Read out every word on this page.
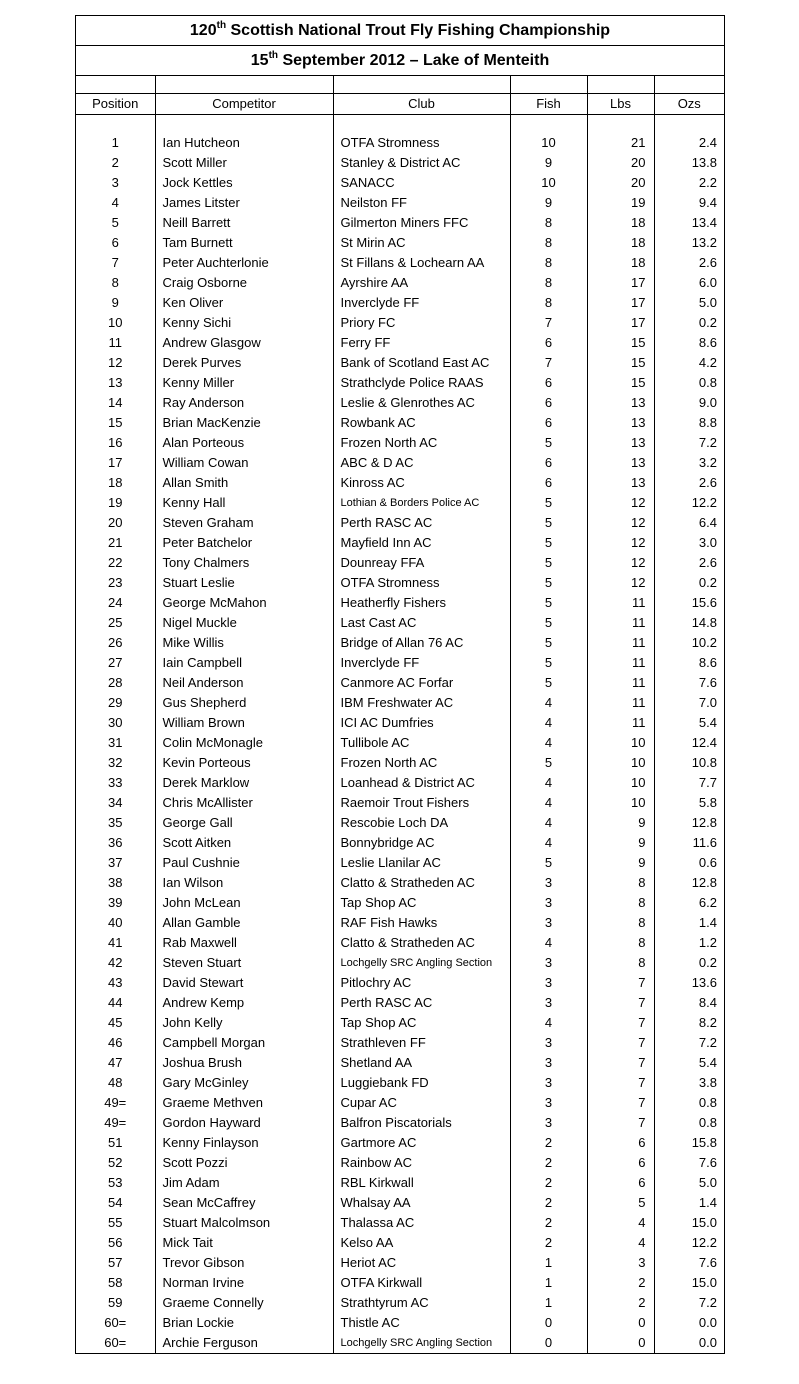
120th Scottish National Trout Fly Fishing Championship
15th September 2012 – Lake of Menteith

Position	Competitor	Club	Fish	Lbs	Ozs

1	Ian Hutcheon	OTFA Stromness	10	21	2.4
2	Scott Miller	Stanley & District AC	9	20	13.8
3	Jock Kettles	SANACC	10	20	2.2
4	James Litster	Neilston FF	9	19	9.4
5	Neill Barrett	Gilmerton Miners FFC	8	18	13.4
6	Tam Burnett	St Mirin AC	8	18	13.2
7	Peter Auchterlonie	St Fillans & Lochearn AA	8	18	2.6
8	Craig Osborne	Ayrshire AA	8	17	6.0
9	Ken Oliver	Inverclyde FF	8	17	5.0
10	Kenny Sichi	Priory FC	7	17	0.2
11	Andrew Glasgow	Ferry FF	6	15	8.6
12	Derek Purves	Bank of Scotland East AC	7	15	4.2
13	Kenny Miller	Strathclyde Police RAAS	6	15	0.8
14	Ray Anderson	Leslie & Glenrothes AC	6	13	9.0
15	Brian MacKenzie	Rowbank AC	6	13	8.8
16	Alan Porteous	Frozen North AC	5	13	7.2
17	William Cowan	ABC & D AC	6	13	3.2
18	Allan Smith	Kinross AC	6	13	2.6
19	Kenny Hall	Lothian & Borders Police AC	5	12	12.2
20	Steven Graham	Perth RASC AC	5	12	6.4
21	Peter Batchelor	Mayfield Inn AC	5	12	3.0
22	Tony Chalmers	Dounreay FFA	5	12	2.6
23	Stuart Leslie	OTFA Stromness	5	12	0.2
24	George McMahon	Heatherfly Fishers	5	11	15.6
25	Nigel Muckle	Last Cast AC	5	11	14.8
26	Mike Willis	Bridge of Allan 76 AC	5	11	10.2
27	Iain Campbell	Inverclyde FF	5	11	8.6
28	Neil Anderson	Canmore AC Forfar	5	11	7.6
29	Gus Shepherd	IBM Freshwater AC	4	11	7.0
30	William Brown	ICI AC Dumfries	4	11	5.4
31	Colin McMonagle	Tullibole AC	4	10	12.4
32	Kevin Porteous	Frozen North AC	5	10	10.8
33	Derek Marklow	Loanhead & District AC	4	10	7.7
34	Chris McAllister	Raemoir Trout Fishers	4	10	5.8
35	George Gall	Rescobie Loch DA	4	9	12.8
36	Scott Aitken	Bonnybridge AC	4	9	11.6
37	Paul Cushnie	Leslie Llanilar AC	5	9	0.6
38	Ian Wilson	Clatto & Stratheden AC	3	8	12.8
39	John McLean	Tap Shop AC	3	8	6.2
40	Allan Gamble	RAF Fish Hawks	3	8	1.4
41	Rab Maxwell	Clatto & Stratheden AC	4	8	1.2
42	Steven Stuart	Lochgelly SRC Angling Section	3	8	0.2
43	David Stewart	Pitlochry AC	3	7	13.6
44	Andrew Kemp	Perth RASC AC	3	7	8.4
45	John Kelly	Tap Shop AC	4	7	8.2
46	Campbell Morgan	Strathleven FF	3	7	7.2
47	Joshua Brush	Shetland AA	3	7	5.4
48	Gary McGinley	Luggiebank FD	3	7	3.8
49=	Graeme Methven	Cupar AC	3	7	0.8
49=	Gordon Hayward	Balfron Piscatorials	3	7	0.8
51	Kenny Finlayson	Gartmore AC	2	6	15.8
52	Scott Pozzi	Rainbow AC	2	6	7.6
53	Jim Adam	RBL Kirkwall	2	6	5.0
54	Sean McCaffrey	Whalsay AA	2	5	1.4
55	Stuart Malcolmson	Thalassa AC	2	4	15.0
56	Mick Tait	Kelso AA	2	4	12.2
57	Trevor Gibson	Heriot AC	1	3	7.6
58	Norman Irvine	OTFA Kirkwall	1	2	15.0
59	Graeme Connelly	Strathtyrum AC	1	2	7.2
60=	Brian Lockie	Thistle AC	0	0	0.0
60=	Archie Ferguson	Lochgelly SRC Angling Section	0	0	0.0
